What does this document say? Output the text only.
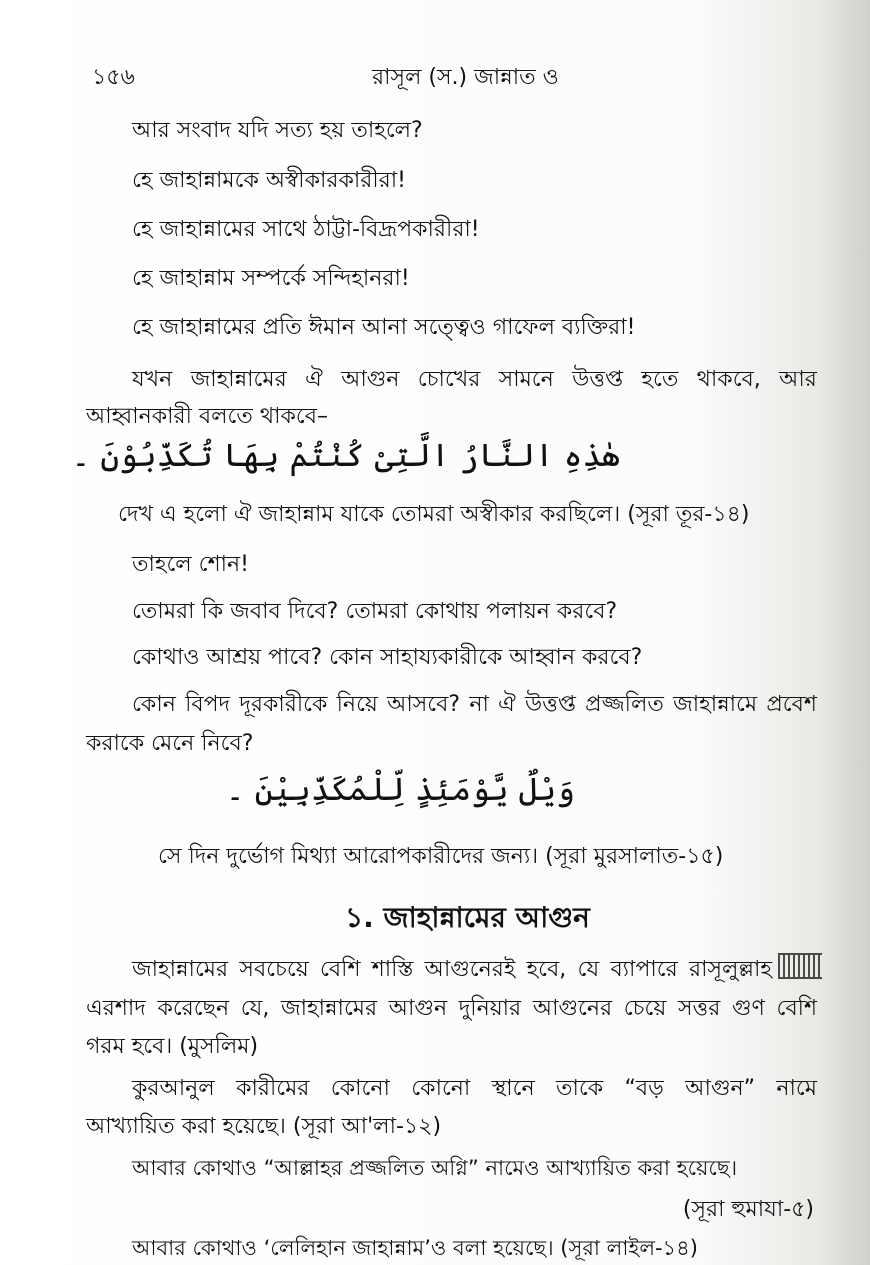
১৫৬	রাসূল (স.) জান্নাত ও
আর সংবাদ যদি সত্য হয় তাহলে?
হে জাহান্নামকে অস্বীকারকারীরা!
হে জাহান্নামের সাথে ঠাট্টা-বিদ্রূপকারীরা!
হে জাহান্নাম সম্পর্কে সন্দিহানরা!
হে জাহান্নামের প্রতি ঈমান আনা সত্ত্বেও গাফেল ব্যক্তিরা!
যখন জাহান্নামের ঐ আগুন চোখের সামনে উত্তপ্ত হতে থাকবে, আর
আহ্বানকারী বলতে থাকবে–
هٰذِهِ النَّارُ الَّتِىْ كُنْتُمْ بِهَا تُكَذِّبُوْنَ ۔
দেখ এ হলো ঐ জাহান্নাম যাকে তোমরা অস্বীকার করছিলে। (সূরা তূর-১৪)
তাহলে শোন!
তোমরা কি জবাব দিবে? তোমরা কোথায় পলায়ন করবে?
কোথাও আশ্রয় পাবে? কোন সাহায্যকারীকে আহ্বান করবে?
কোন বিপদ দূরকারীকে নিয়ে আসবে? না ঐ উত্তপ্ত প্রজ্জলিত জাহান্নামে প্রবেশ
করাকে মেনে নিবে?
وَيْلٌ يَّوْمَئِذٍ لِّلْمُكَذِّبِيْنَ ۔
সে দিন দুর্ভোগ মিথ্যা আরোপকারীদের জন্য। (সূরা মুরসালাত-১৫)
১. জাহান্নামের আগুন
জাহান্নামের সবচেয়ে বেশি শাস্তি আগুনেরই হবে, যে ব্যাপারে রাসূলুল্লাহ
এরশাদ করেছেন যে, জাহান্নামের আগুন দুনিয়ার আগুনের চেয়ে সত্তর গুণ বেশি
গরম হবে। (মুসলিম)
কুরআনুল কারীমের কোনো কোনো স্থানে তাকে “বড় আগুন” নামে
আখ্যায়িত করা হয়েছে। (সূরা আ'লা-১২)
আবার কোথাও “আল্লাহর প্রজ্জলিত অগ্নি” নামেও আখ্যায়িত করা হয়েছে।
(সূরা হুমাযা-৫)
আবার কোথাও ‘লেলিহান জাহান্নাম’ও বলা হয়েছে। (সূরা লাইল-১৪)
